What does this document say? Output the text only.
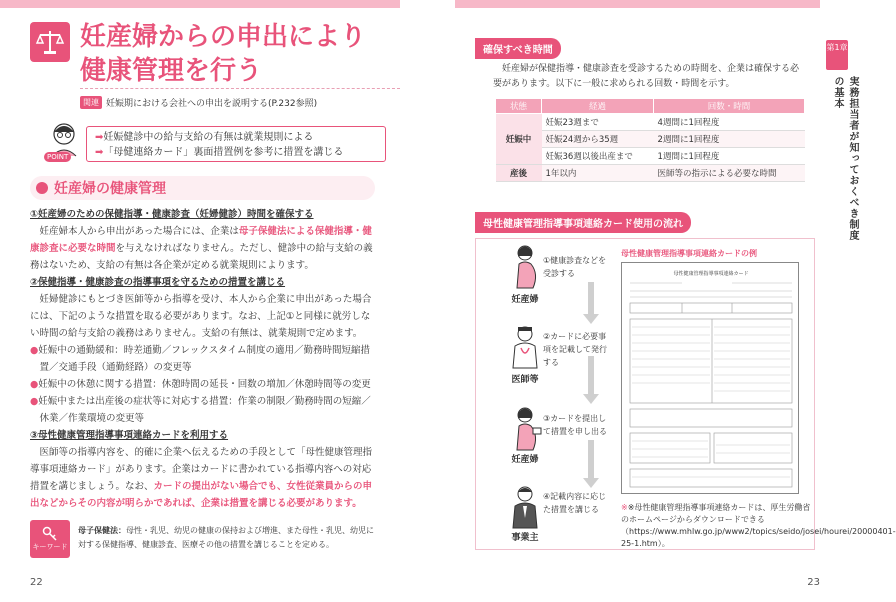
妊産婦からの申出により
健康管理を行う
関連 妊娠期における会社への申出を説明する(P.232参照)
POINT
➡妊娠健診中の給与支給の有無は就業規則による
➡「母健連絡カード」裏面措置例を参考に措置を講じる
妊産婦の健康管理
①妊産婦のための保健指導・健康診査（妊婦健診）時間を確保する
妊産婦本人から申出があった場合には、企業は母子保健法による保健指導・健康診査に必要な時間を与えなければなりません。ただし、健診中の給与支給の義務はないため、支給の有無は各企業が定める就業規則によります。
②保健指導・健康診査の指導事項を守るための措置を講じる
妊婦健診にもとづき医師等から指導を受け、本人から企業に申出があった場合には、下記のような措置を取る必要があります。なお、上記①と同様に就労しない時間の給与支給の義務はありません。支給の有無は、就業規則で定めます。
●妊娠中の通勤緩和：時差通勤／フレックスタイム制度の適用／勤務時間短縮措置／交通手段（通勤経路）の変更等
●妊娠中の休憩に関する措置：休憩時間の延長・回数の増加／休憩時間等の変更
●妊娠中または出産後の症状等に対応する措置：作業の制限／勤務時間の短縮／休業／作業環境の変更等
③母性健康管理指導事項連絡カードを利用する
医師等の指導内容を、的確に企業へ伝えるための手段として「母性健康管理指導事項連絡カード」があります。企業はカードに書かれている指導内容への対応措置を講じましょう。なお、カードの提出がない場合でも、女性従業員からの申出などからその内容が明らかであれば、企業は措置を講じる必要があります。
キーワード
母子保健法：母性・乳児、幼児の健康の保持および増進、また母性・乳児、幼児に対する保健指導、健康診査、医療その他の措置を講じることを定める。
22
確保すべき時間
妊産婦が保健指導・健康診査を受診するための時間を、企業は確保する必要があります。以下に一般に求められる回数・時間を示す。
状態	経過	回数・時間
妊娠中	妊娠23週まで	4週間に1回程度
	妊娠24週から35週	2週間に1回程度
	妊娠36週以後出産まで	1週間に1回程度
産後	1年以内	医師等の指示による必要な時間
母性健康管理指導事項連絡カード使用の流れ
妊産婦
医師等
妊産婦
事業主
①健康診査などを受診する
②カードに必要事項を記載して発行する
③カードを提出して措置を申し出る
④記載内容に応じた措置を講じる
母性健康管理指導事項連絡カードの例
母性健康管理指導事項連絡カード
※※母性健康管理指導事項連絡カードは、厚生労働省のホームページからダウンロードできる（https://www.mhlw.go.jp/www2/topics/seido/josei/hourei/20000401-25-1.htm）。
第1章
実務担当者が知っておくべき制度の基本
23
